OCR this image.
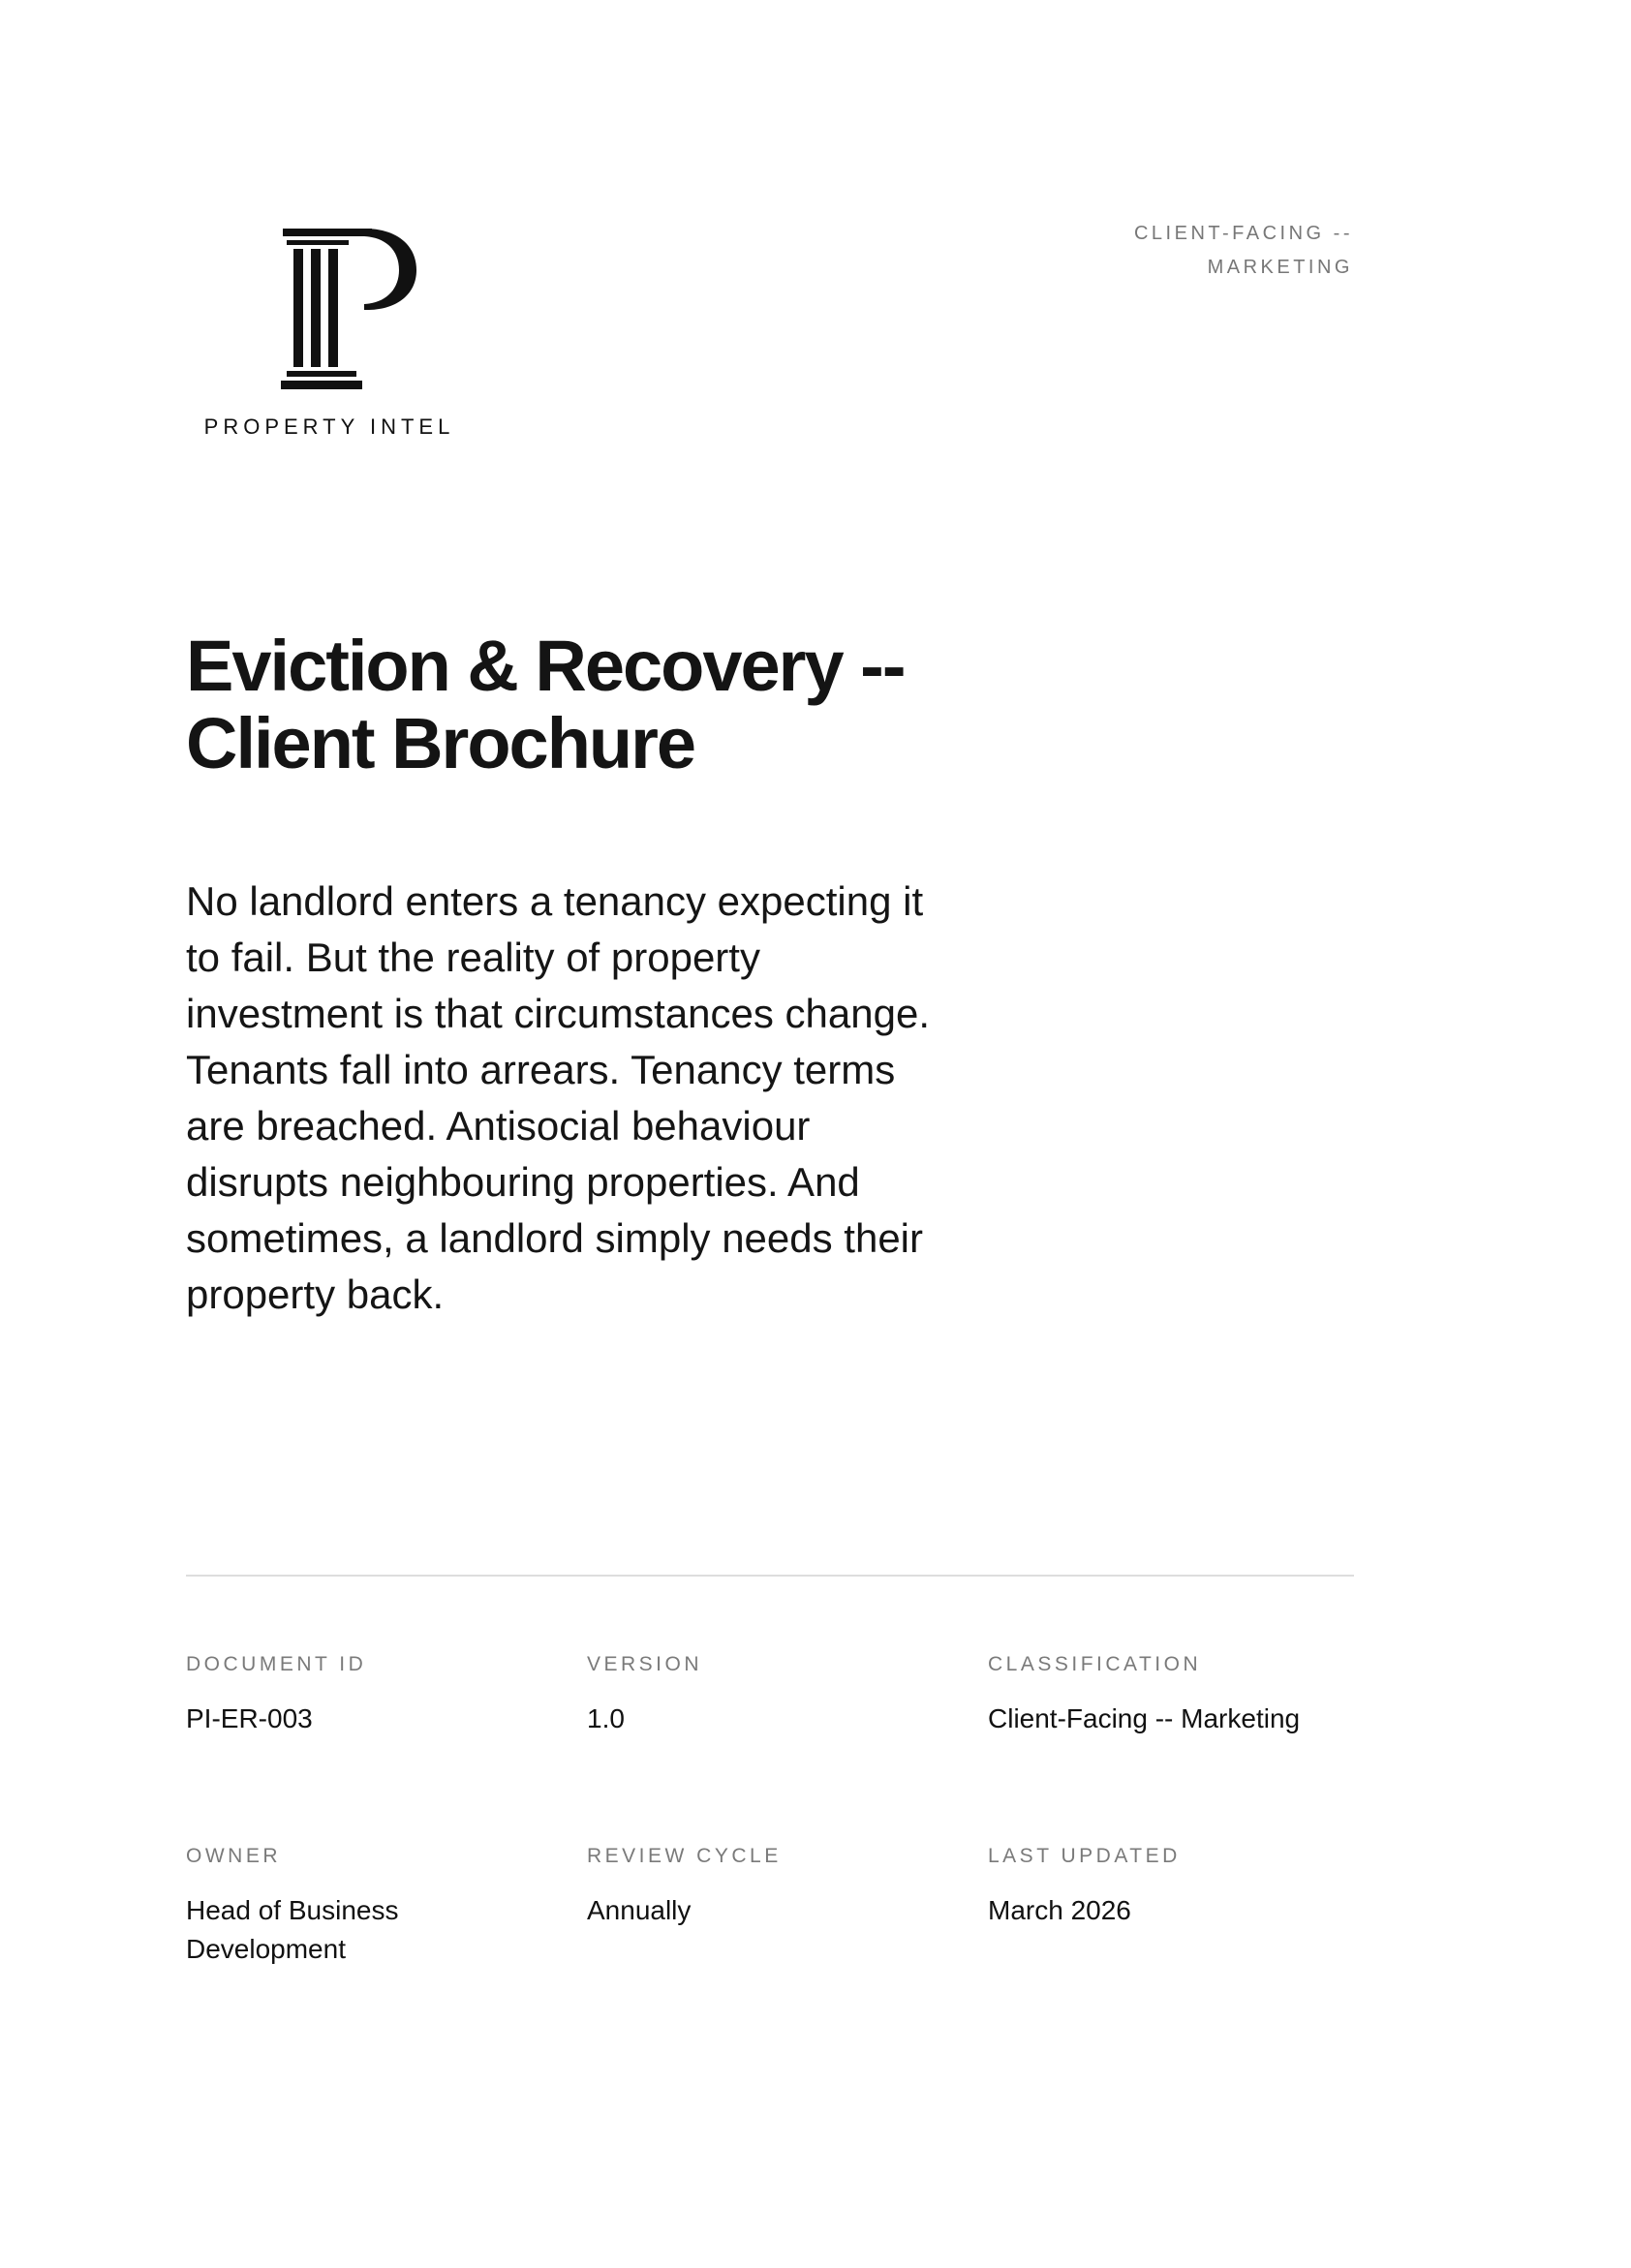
PROPERTY INTEL
CLIENT-FACING --
MARKETING
Eviction & Recovery --
Client Brochure

No landlord enters a tenancy expecting it to fail. But the reality of property investment is that circumstances change. Tenants fall into arrears. Tenancy terms are breached. Antisocial behaviour disrupts neighbouring properties. And sometimes, a landlord simply needs their property back.

DOCUMENT ID
PI-ER-003
VERSION
1.0
CLASSIFICATION
Client-Facing -- Marketing
OWNER
Head of Business
Development
REVIEW CYCLE
Annually
LAST UPDATED
March 2026
